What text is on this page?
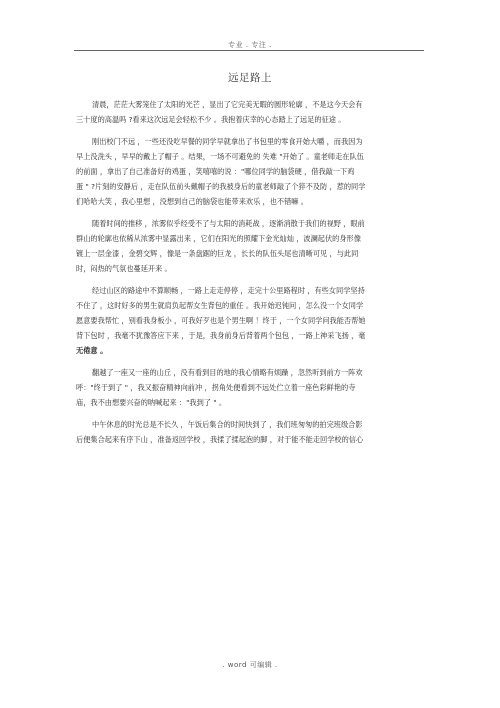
专业 . 专注 .
远足路上
清晨，茫茫大雾笼住了太阳的光芒 ，显出了它完美无暇的圆形轮廓 ，不是这今天会有
三十度的高温吗 ?看来这次远足会轻松不少 。我抱着庆幸的心态踏上了远足的征途 。
刚出校门不远 ，一些还没吃早餐的同学早就拿出了书包里的零食开始大嚼 ，而我因为
早上没洗头 ，早早的戴上了帽子 。结果，一场不可避免的 失难 "开始了 。童老师走在队伍
的前面 ，拿出了自己准备好的鸡蛋 ，笑嘻嘻的说 ："哪位同学的脑袋硬 ，借我敲一下鸡
蛋 " ?片刻的安静后 ，走在队伍前头戴帽子的我被身后的童老师敲了个猝不及防 ，惹的同学
们哈哈大笑 ，我心里想 ，没想到自己的脑袋也能带来欢乐 ，也不错嘛 。
随着时间的推移 ，浓雾似乎经受不了与太阳的消耗战 ，逐渐消散于我们的视野 ，眼前
群山的轮廓也依稀从浓雾中显露出来 ，它们在阳光的照耀下金光灿灿 ，波澜起伏的身形像
镀上一层金漆 ，金碧交辉 ，像是一条盘踞的巨龙 ，长长的队伍头尾也清晰可见 ，与此同
时，闷热的气氛也蔓延开来 。
经过山区的路途中不算顺畅 ，一路上走走停停 ，走完十公里路程时 ，有些女同学坚持
不住了 ，这时好多的男生就肩负起帮女生背包的重任 。我开始迟钝问 ，怎么没一个女同学
愿意要我帮忙 ，别看我身板小 ，可我好歹也是个男生啊 ！终于 ，一个女同学问我能否帮她
背下包时 ，我毫不犹豫答应下来 ，于是，我身前身后背着两个包包 ，一路上神采飞扬 ，毫
无倦意 。
翻越了一座又一座的山丘 ，没有看到目的地的我心情略有烦躁 ，忽然听到前方一阵欢
呼："终于到了 " ，我又振奋精神向前冲 ，拐角处便看到不远处伫立着一座色彩鲜艳的寺
庙，我不由想要兴奋的呐喊起来 ："我到了 " 。
中午休息的时光总是不长久 ，午饭后集合的时间快到了 ，我们班匆匆的拍完班级合影
后便集合起来有序下山 ，准备返回学校 ，我揉了揉起泡的脚 ，对于能不能走回学校的信心
. word 可编辑 .
